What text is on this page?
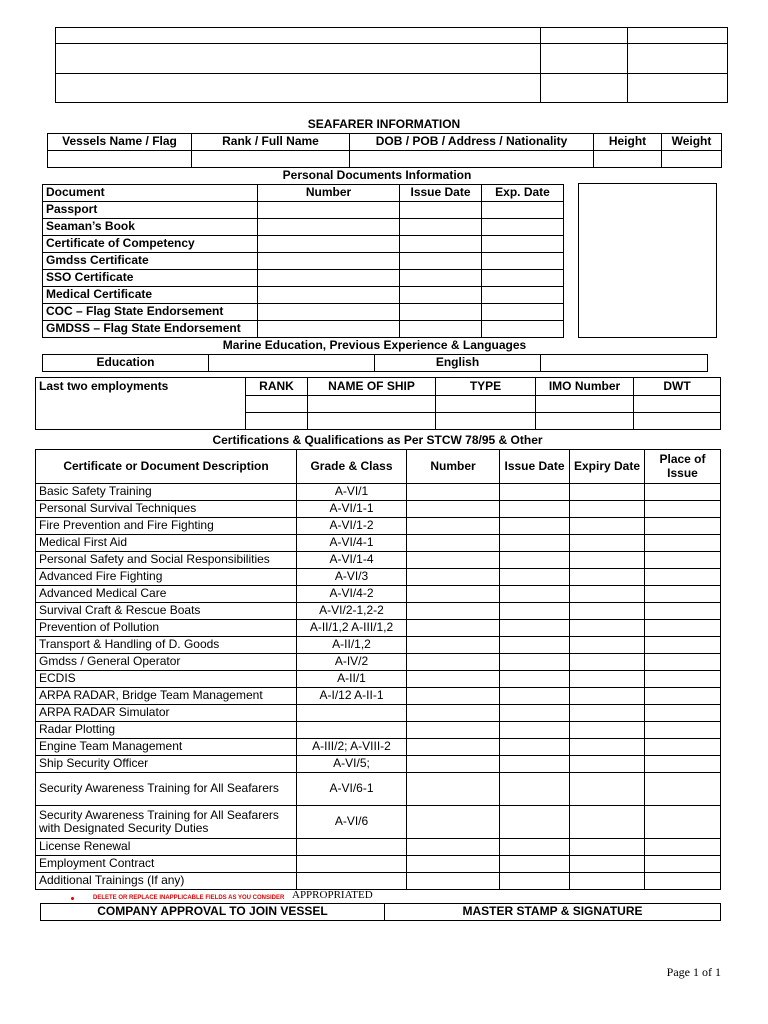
SEAFARER INFORMATION
Vessels Name / Flag	Rank / Full Name	DOB / POB / Address / Nationality	Height	Weight

Personal Documents Information
Document	Number	Issue Date	Exp. Date
Passport			
Seaman’s Book			
Certificate of Competency			
Gmdss Certificate			
SSO Certificate			
Medical Certificate			
COC – Flag State Endorsement			
GMDSS – Flag State Endorsement			
Marine Education, Previous Experience & Languages
Education		English	
Last two employments	RANK	NAME OF SHIP	TYPE	IMO Number	DWT

Certifications & Qualifications as Per STCW 78/95 & Other
Certificate or Document Description	Grade & Class	Number	Issue Date	Expiry Date	Place of Issue
Basic Safety Training	A-VI/1				
Personal Survival Techniques	A-VI/1-1				
Fire Prevention and Fire Fighting	A-VI/1-2				
Medical First Aid	A-VI/4-1				
Personal Safety and Social Responsibilities	A-VI/1-4				
Advanced Fire Fighting	A-VI/3				
Advanced Medical Care	A-VI/4-2				
Survival Craft & Rescue Boats	A-VI/2-1,2-2				
Prevention of Pollution	A-II/1,2 A-III/1,2				
Transport & Handling of D. Goods	A-II/1,2				
Gmdss / General Operator	A-IV/2				
ECDIS	A-II/1				
ARPA RADAR, Bridge Team Management	A-I/12 A-II-1				
ARPA RADAR Simulator					
Radar Plotting					
Engine Team Management	A-III/2; A-VIII-2				
Ship Security Officer	A-VI/5;				
Security Awareness Training for All Seafarers	A-VI/6-1				
Security Awareness Training for All Seafarers with Designated Security Duties	A-VI/6				
License Renewal					
Employment Contract					
Additional Trainings (If any)					
DELETE OR REPLACE INAPPLICABLE FIELDS AS YOU CONSIDER APPROPRIATED
COMPANY APPROVAL TO JOIN VESSEL	MASTER STAMP & SIGNATURE
Page 1 of 1
